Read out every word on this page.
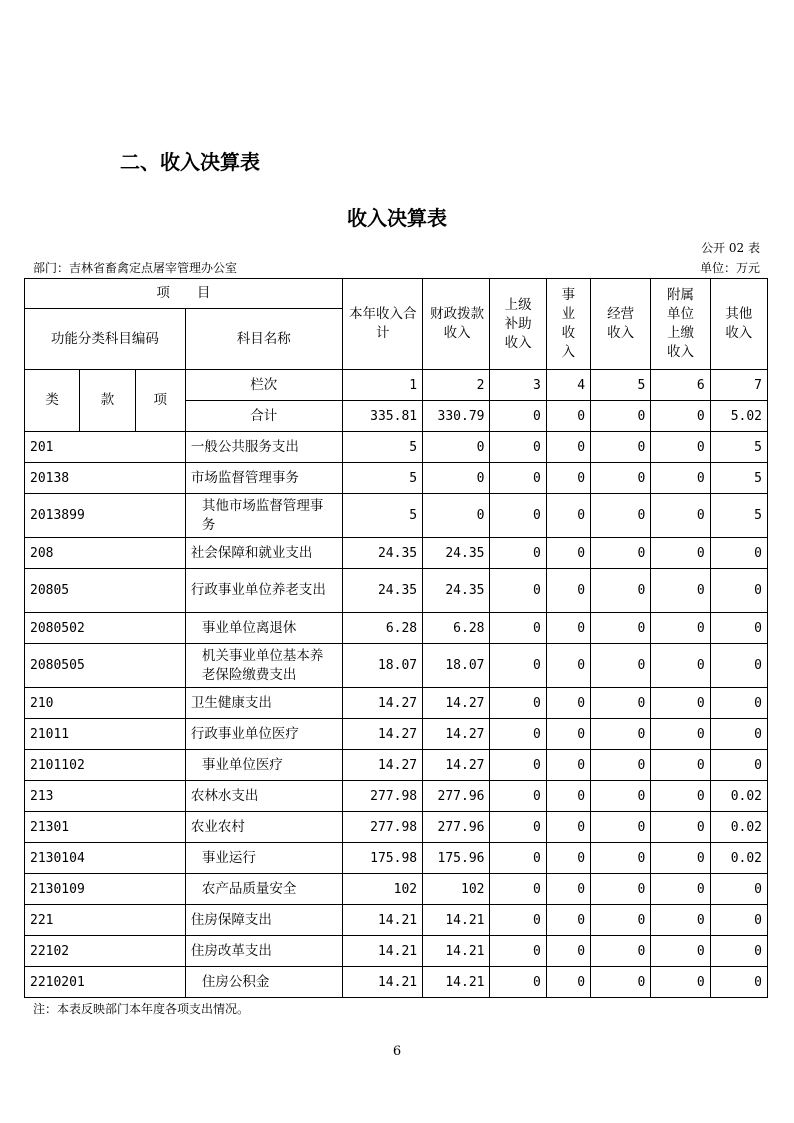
二、收入决算表
收入决算表
公开 02 表
部门：吉林省畜禽定点屠宰管理办公室	单位：万元
项　　目				本年收入合计	财政拨款收入	上级补助收入	事业收入	经营收入	附属单位上缴收入	其他收入
功能分类科目编码			科目名称							
类	款	项	栏次	1	2	3	4	5	6	7
			合计	335.81	330.79	0	0	0	0	5.02
201			一般公共服务支出	5	0	0	0	0	0	5
20138			市场监督管理事务	5	0	0	0	0	0	5
2013899			其他市场监督管理事务	5	0	0	0	0	0	5
208			社会保障和就业支出	24.35	24.35	0	0	0	0	0
20805			行政事业单位养老支出	24.35	24.35	0	0	0	0	0
2080502			事业单位离退休	6.28	6.28	0	0	0	0	0
2080505			机关事业单位基本养老保险缴费支出	18.07	18.07	0	0	0	0	0
210			卫生健康支出	14.27	14.27	0	0	0	0	0
21011			行政事业单位医疗	14.27	14.27	0	0	0	0	0
2101102			事业单位医疗	14.27	14.27	0	0	0	0	0
213			农林水支出	277.98	277.96	0	0	0	0	0.02
21301			农业农村	277.98	277.96	0	0	0	0	0.02
2130104			事业运行	175.98	175.96	0	0	0	0	0.02
2130109			农产品质量安全	102	102	0	0	0	0	0
221			住房保障支出	14.21	14.21	0	0	0	0	0
22102			住房改革支出	14.21	14.21	0	0	0	0	0
2210201			住房公积金	14.21	14.21	0	0	0	0	0
注：本表反映部门本年度各项支出情况。
6
